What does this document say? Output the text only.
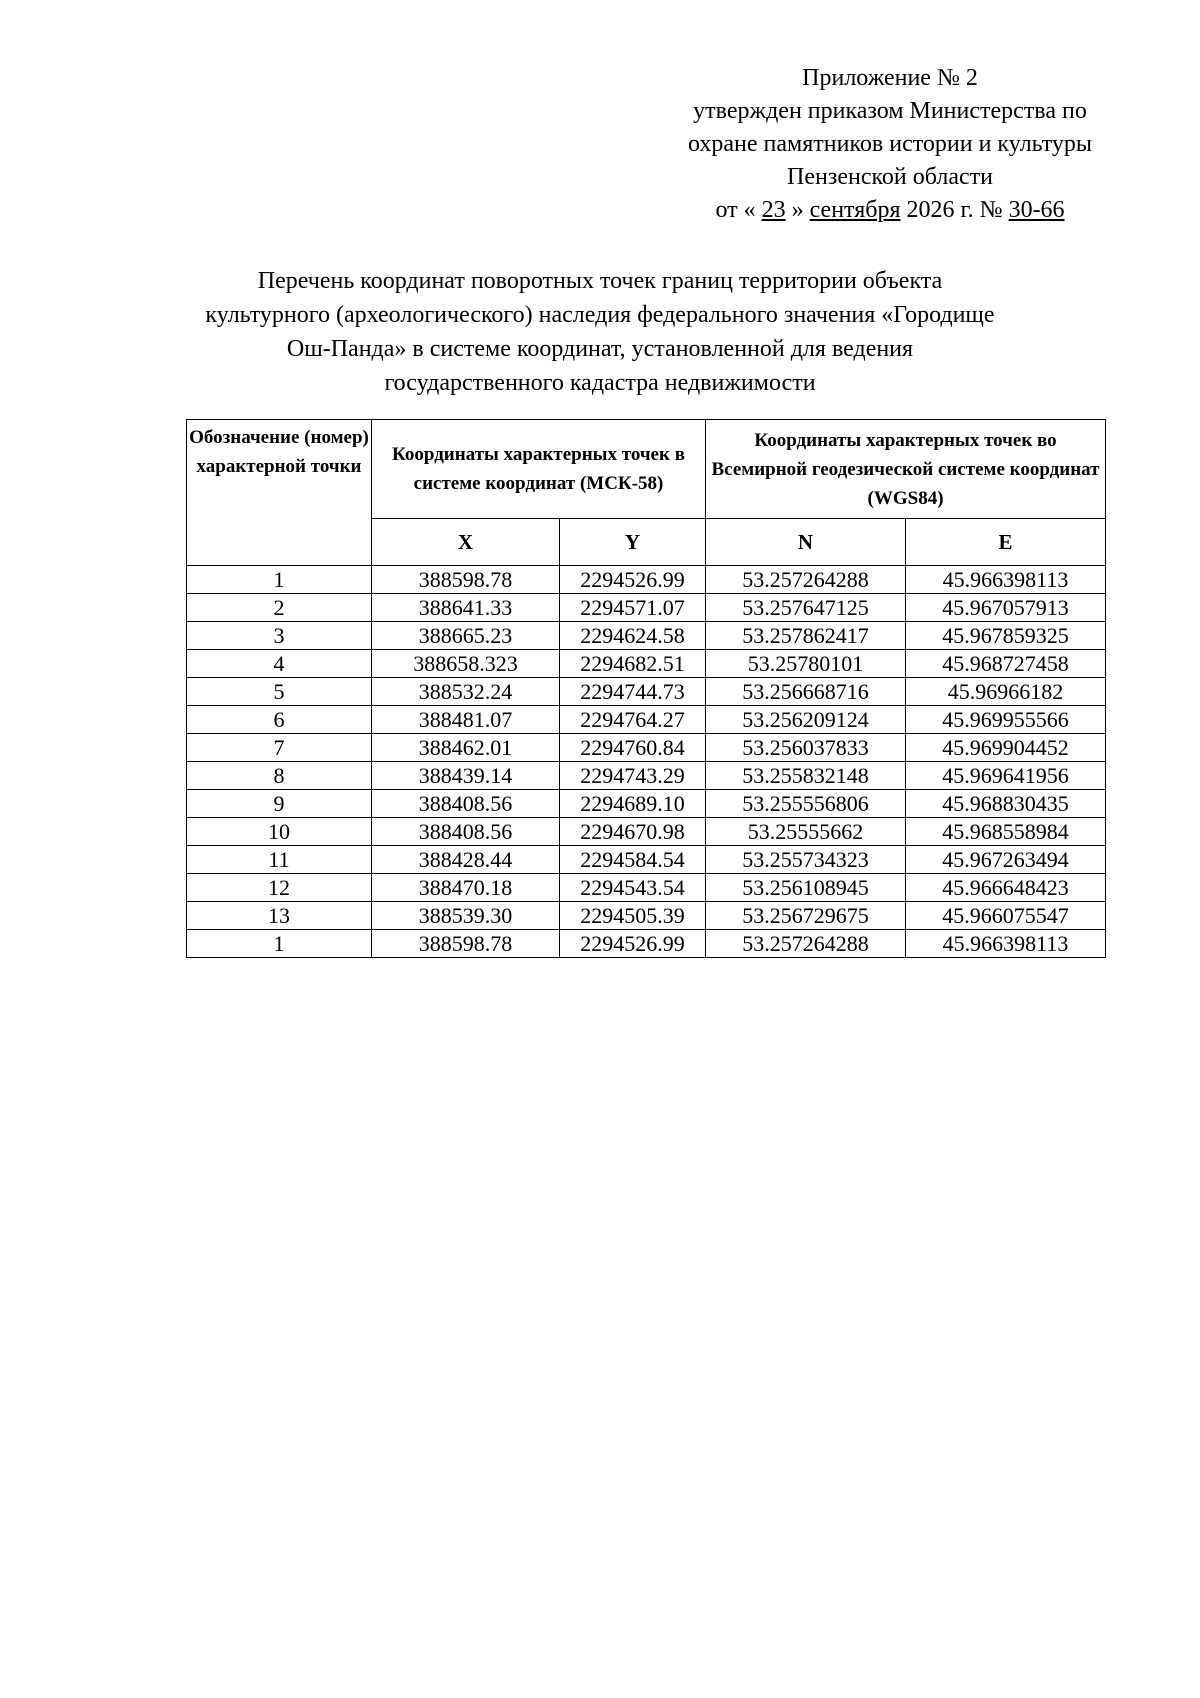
Приложение № 2
утвержден приказом Министерства по
охране памятников истории и культуры
Пензенской области
от « 23 » сентября 2026 г. № 30-66
Перечень координат поворотных точек границ территории объекта
культурного (археологического) наследия федерального значения «Городище
Ош-Панда» в системе координат, установленной для ведения
государственного кадастра недвижимости
Обозначение (номер) характерной точки	Координаты характерных точек в системе координат (МСК-58)		Координаты характерных точек во Всемирной геодезической системе координат (WGS84)	
	X	Y	N	E
1	388598.78	2294526.99	53.257264288	45.966398113
2	388641.33	2294571.07	53.257647125	45.967057913
3	388665.23	2294624.58	53.257862417	45.967859325
4	388658.323	2294682.51	53.25780101	45.968727458
5	388532.24	2294744.73	53.256668716	45.96966182
6	388481.07	2294764.27	53.256209124	45.969955566
7	388462.01	2294760.84	53.256037833	45.969904452
8	388439.14	2294743.29	53.255832148	45.969641956
9	388408.56	2294689.10	53.255556806	45.968830435
10	388408.56	2294670.98	53.25555662	45.968558984
11	388428.44	2294584.54	53.255734323	45.967263494
12	388470.18	2294543.54	53.256108945	45.966648423
13	388539.30	2294505.39	53.256729675	45.966075547
1	388598.78	2294526.99	53.257264288	45.966398113
